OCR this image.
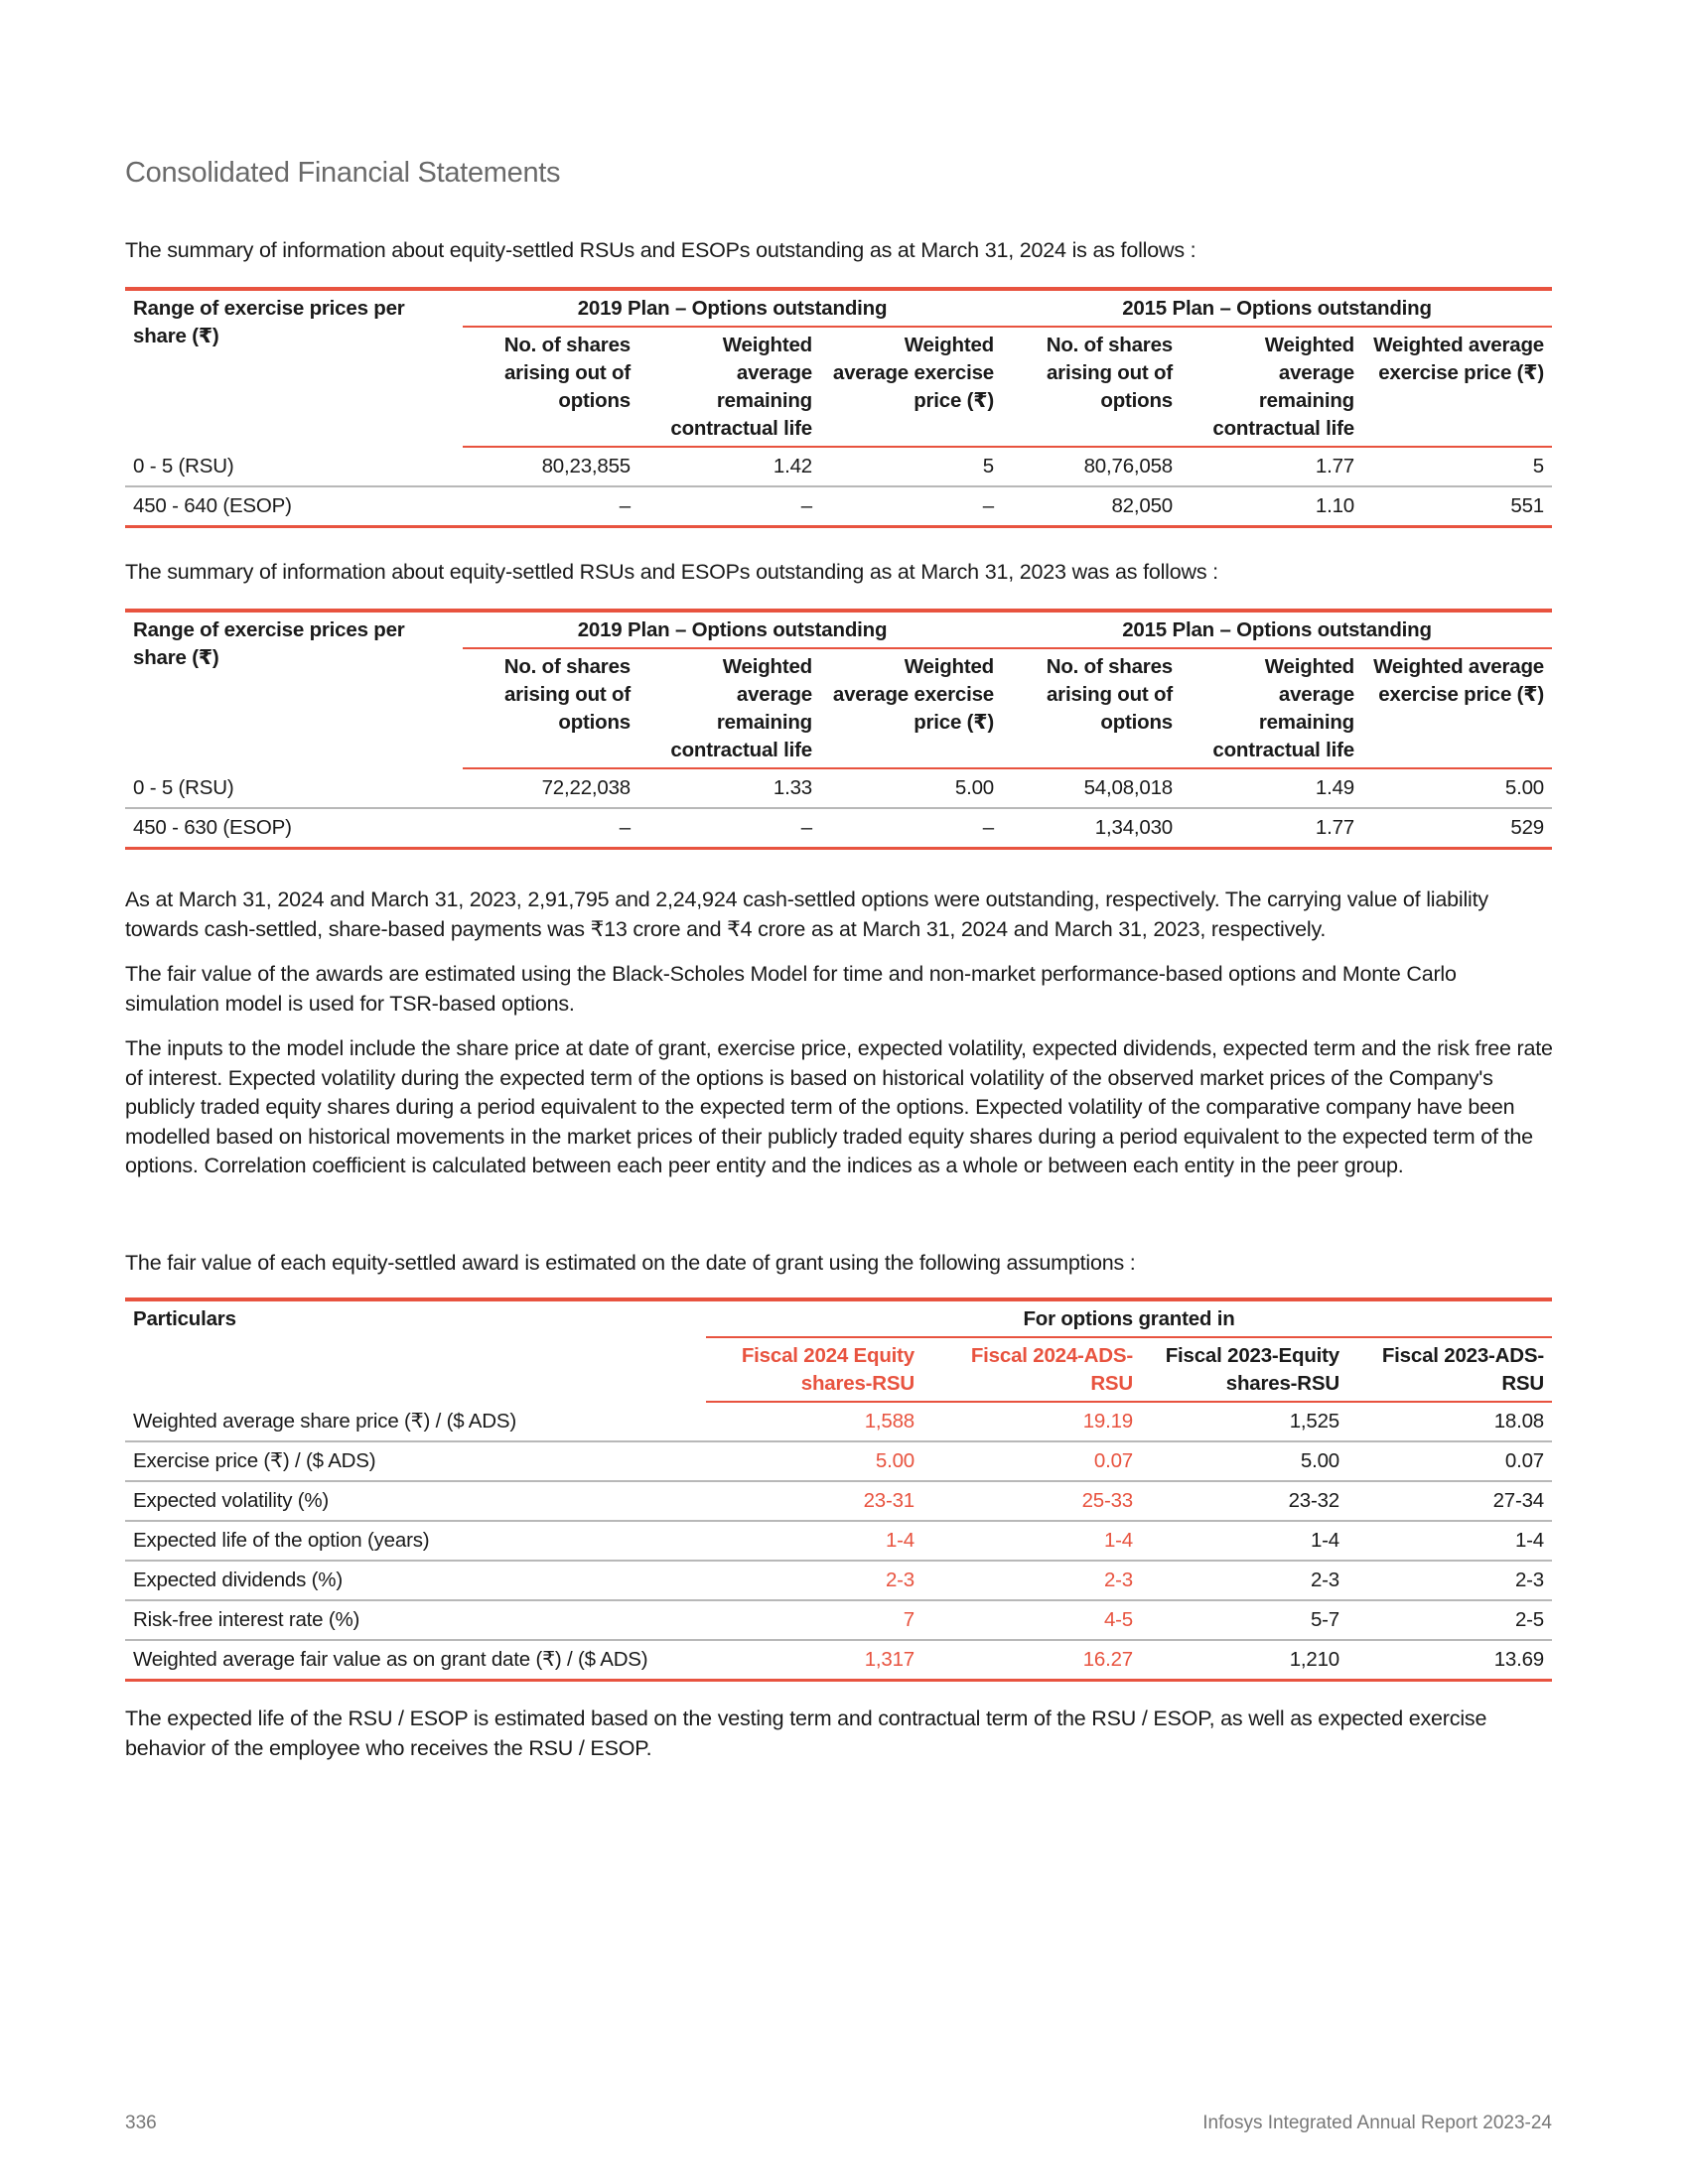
Consolidated Financial Statements
The summary of information about equity-settled RSUs and ESOPs outstanding as at March 31, 2024 is as follows :
Range of exercise prices per share (₹)	2019 Plan – Options outstanding			2015 Plan – Options outstanding		
	No. of shares arising out of options	Weighted average remaining contractual life	Weighted average exercise price (₹)	No. of shares arising out of options	Weighted average remaining contractual life	Weighted average exercise price (₹)
0 - 5 (RSU)	80,23,855	1.42	5	80,76,058	1.77	5
450 - 640 (ESOP)	–	–	–	82,050	1.10	551
The summary of information about equity-settled RSUs and ESOPs outstanding as at March 31, 2023 was as follows :
Range of exercise prices per share (₹)	2019 Plan – Options outstanding			2015 Plan – Options outstanding		
	No. of shares arising out of options	Weighted average remaining contractual life	Weighted average exercise price (₹)	No. of shares arising out of options	Weighted average remaining contractual life	Weighted average exercise price (₹)
0 - 5 (RSU)	72,22,038	1.33	5.00	54,08,018	1.49	5.00
450 - 630 (ESOP)	–	–	–	1,34,030	1.77	529
As at March 31, 2024 and March 31, 2023, 2,91,795 and 2,24,924 cash-settled options were outstanding, respectively. The carrying value of liability towards cash-settled, share-based payments was ₹13 crore and ₹4 crore as at March 31, 2024 and March 31, 2023, respectively.
The fair value of the awards are estimated using the Black-Scholes Model for time and non-market performance-based options and Monte Carlo simulation model is used for TSR-based options.
The inputs to the model include the share price at date of grant, exercise price, expected volatility, expected dividends, expected term and the risk free rate of interest. Expected volatility during the expected term of the options is based on historical volatility of the observed market prices of the Company's publicly traded equity shares during a period equivalent to the expected term of the options. Expected volatility of the comparative company have been modelled based on historical movements in the market prices of their publicly traded equity shares during a period equivalent to the expected term of the options. Correlation coefficient is calculated between each peer entity and the indices as a whole or between each entity in the peer group.
The fair value of each equity-settled award is estimated on the date of grant using the following assumptions :
Particulars	For options granted in			
	Fiscal 2024 Equity shares-RSU	Fiscal 2024-ADS-RSU	Fiscal 2023-Equity shares-RSU	Fiscal 2023-ADS-RSU
Weighted average share price (₹) / ($ ADS)	1,588	19.19	1,525	18.08
Exercise price (₹) / ($ ADS)	5.00	0.07	5.00	0.07
Expected volatility (%)	23-31	25-33	23-32	27-34
Expected life of the option (years)	1-4	1-4	1-4	1-4
Expected dividends (%)	2-3	2-3	2-3	2-3
Risk-free interest rate (%)	7	4-5	5-7	2-5
Weighted average fair value as on grant date (₹) / ($ ADS)	1,317	16.27	1,210	13.69
The expected life of the RSU / ESOP is estimated based on the vesting term and contractual term of the RSU / ESOP, as well as expected exercise behavior of the employee who receives the RSU / ESOP.
336	Infosys Integrated Annual Report 2023-24
